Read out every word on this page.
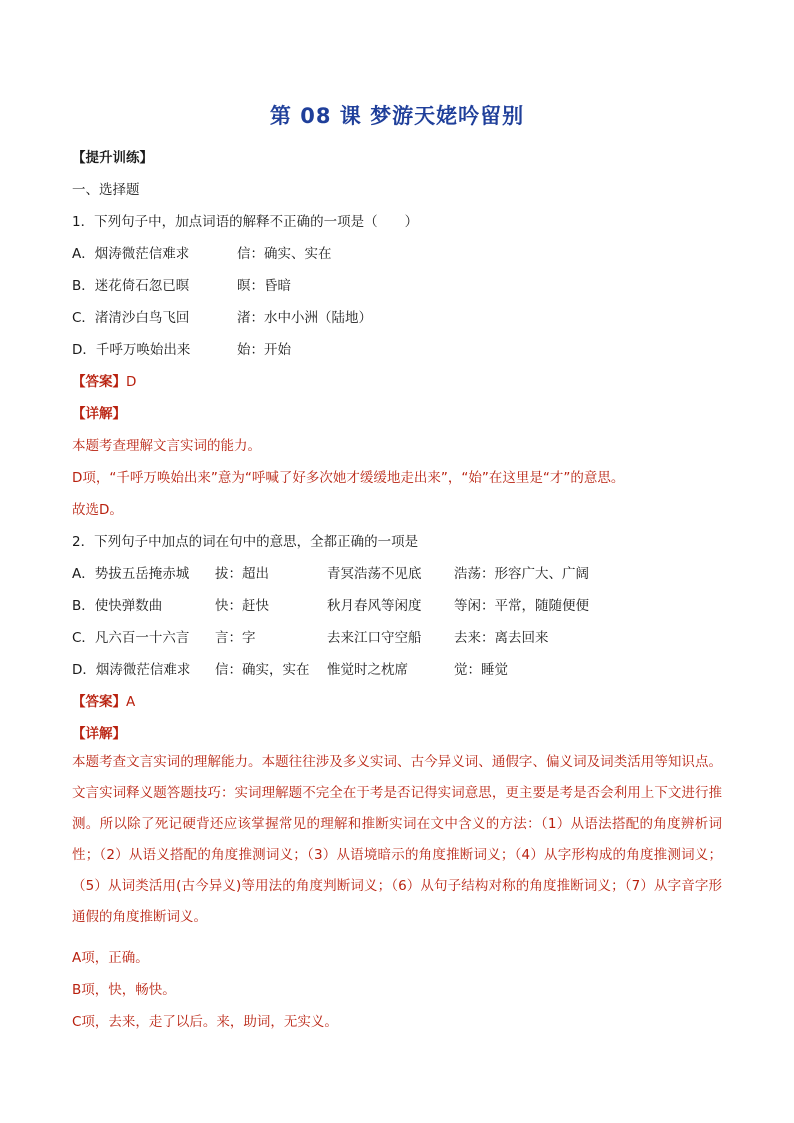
第 08 课 梦游天姥吟留别
【提升训练】
一、选择题
1．下列句子中，加点词语的解释不正确的一项是（　　）
A．烟涛微茫信难求	信：确实、实在
B．迷花倚石忽已暝	暝：昏暗
C．渚清沙白鸟飞回	渚：水中小洲（陆地）
D．千呼万唤始出来	始：开始
【答案】D
【详解】
本题考查理解文言实词的能力。
D项，“千呼万唤始出来”意为“呼喊了好多次她才缓缓地走出来”，“始”在这里是“才”的意思。
故选D。
2．下列句子中加点的词在句中的意思，全都正确的一项是
A．势拔五岳掩赤城 拔：超出	青冥浩荡不见底 浩荡：形容广大、广阔
B．使快弹数曲	快：赶快	秋月春风等闲度 等闲：平常，随随便便
C．凡六百一十六言 言：字	去来江口守空船 去来：离去回来
D．烟涛微茫信难求 信：确实，实在 惟觉时之枕席	觉：睡觉
【答案】A
【详解】
本题考查文言实词的理解能力。本题往往涉及多义实词、古今异义词、通假字、偏义词及词类活用等知识点。文言实词释义题答题技巧：实词理解题不完全在于考是否记得实词意思，更主要是考是否会利用上下文进行推测。所以除了死记硬背还应该掌握常见的理解和推断实词在文中含义的方法：（1）从语法搭配的角度辨析词性；（2）从语义搭配的角度推测词义；（3）从语境暗示的角度推断词义；（4）从字形构成的角度推测词义；（5）从词类活用(古今异义)等用法的角度判断词义；（6）从句子结构对称的角度推断词义；（7）从字音字形通假的角度推断词义。
A项，正确。
B项，快，畅快。
C项，去来，走了以后。来，助词，无实义。
